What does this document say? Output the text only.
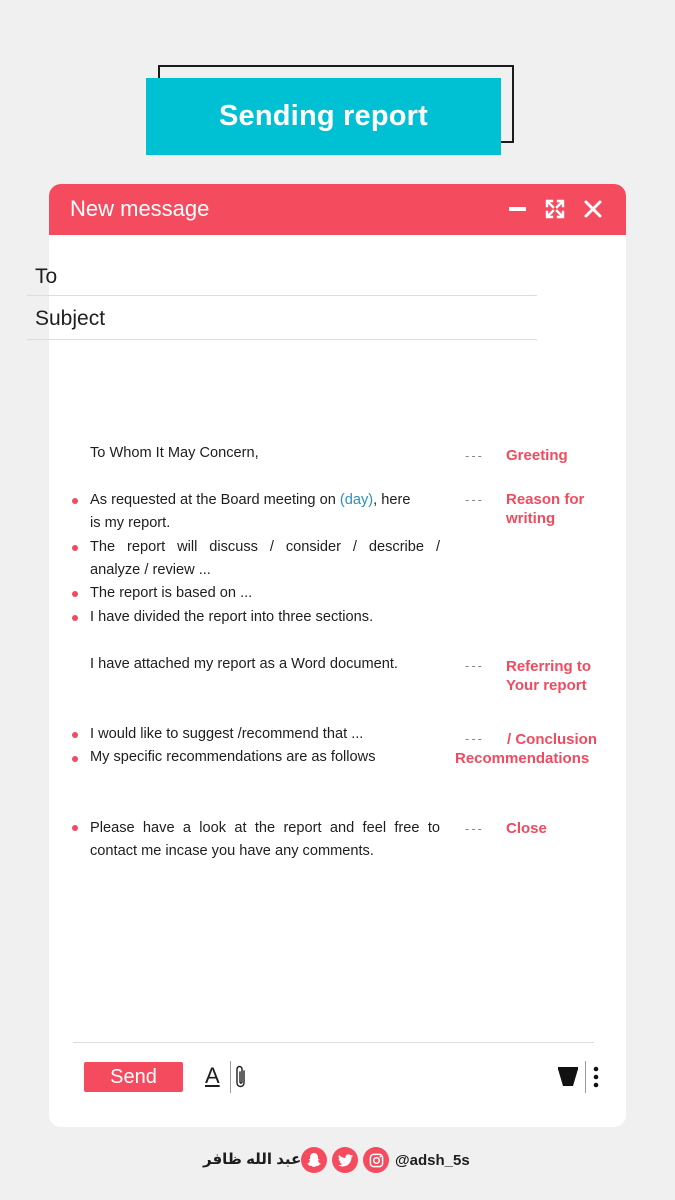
Sending report
New message
To
Subject
To Whom It May Concern,
As requested at the Board meeting on (day), here
is my report.
The report will discuss / consider / describe /
analyze / review ...
The report is based on ...
I have divided the report into three sections.
I have attached my report as a Word document.
I would like to suggest /recommend that ...
My specific recommendations are as follows
Please have a look at the report and feel free to
contact me incase you have any comments.
--- Greeting
--- Reason for
writing
--- Referring to
Your report
--- / Conclusion
Recommendations
--- Close
Send	A
عبد الله ظافر	@adsh_5s
